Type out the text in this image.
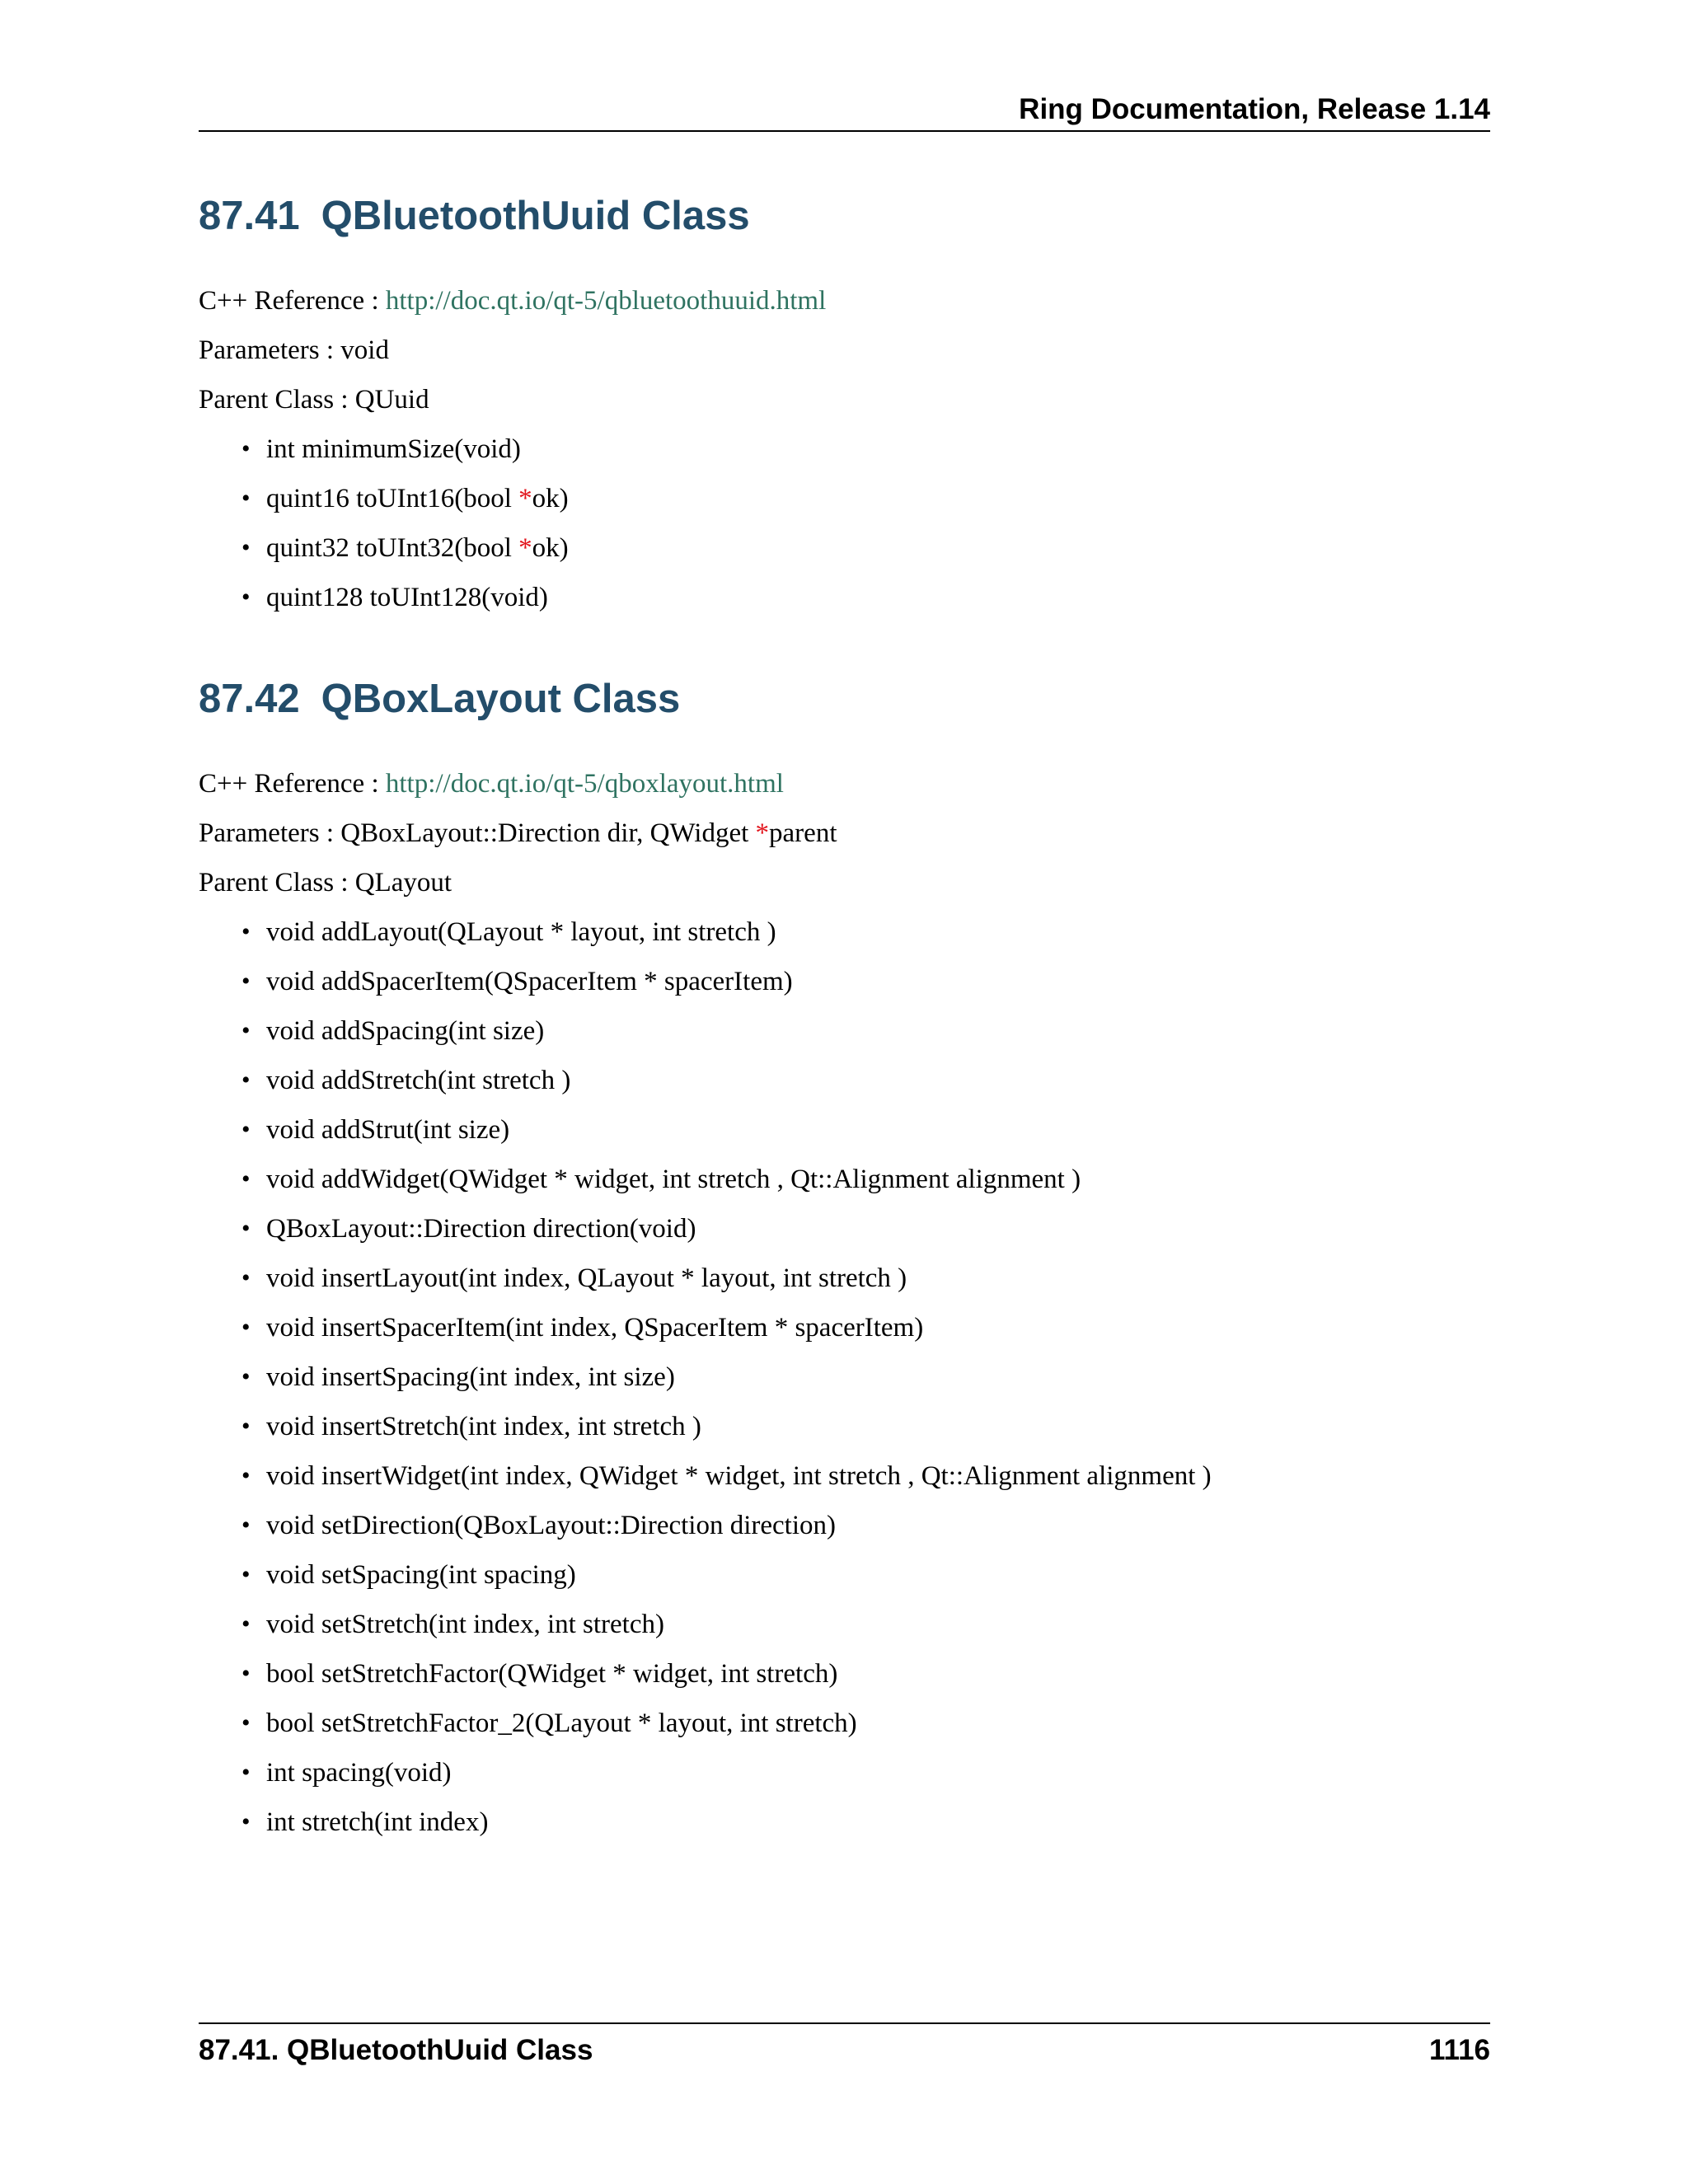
Ring Documentation, Release 1.14
87.41 QBluetoothUuid Class
C++ Reference : http://doc.qt.io/qt-5/qbluetoothuuid.html
Parameters : void
Parent Class : QUuid
• int minimumSize(void)
• quint16 toUInt16(bool *ok)
• quint32 toUInt32(bool *ok)
• quint128 toUInt128(void)
87.42 QBoxLayout Class
C++ Reference : http://doc.qt.io/qt-5/qboxlayout.html
Parameters : QBoxLayout::Direction dir, QWidget *parent
Parent Class : QLayout
• void addLayout(QLayout * layout, int stretch )
• void addSpacerItem(QSpacerItem * spacerItem)
• void addSpacing(int size)
• void addStretch(int stretch )
• void addStrut(int size)
• void addWidget(QWidget * widget, int stretch , Qt::Alignment alignment )
• QBoxLayout::Direction direction(void)
• void insertLayout(int index, QLayout * layout, int stretch )
• void insertSpacerItem(int index, QSpacerItem * spacerItem)
• void insertSpacing(int index, int size)
• void insertStretch(int index, int stretch )
• void insertWidget(int index, QWidget * widget, int stretch , Qt::Alignment alignment )
• void setDirection(QBoxLayout::Direction direction)
• void setSpacing(int spacing)
• void setStretch(int index, int stretch)
• bool setStretchFactor(QWidget * widget, int stretch)
• bool setStretchFactor_2(QLayout * layout, int stretch)
• int spacing(void)
• int stretch(int index)
87.41. QBluetoothUuid Class	1116
